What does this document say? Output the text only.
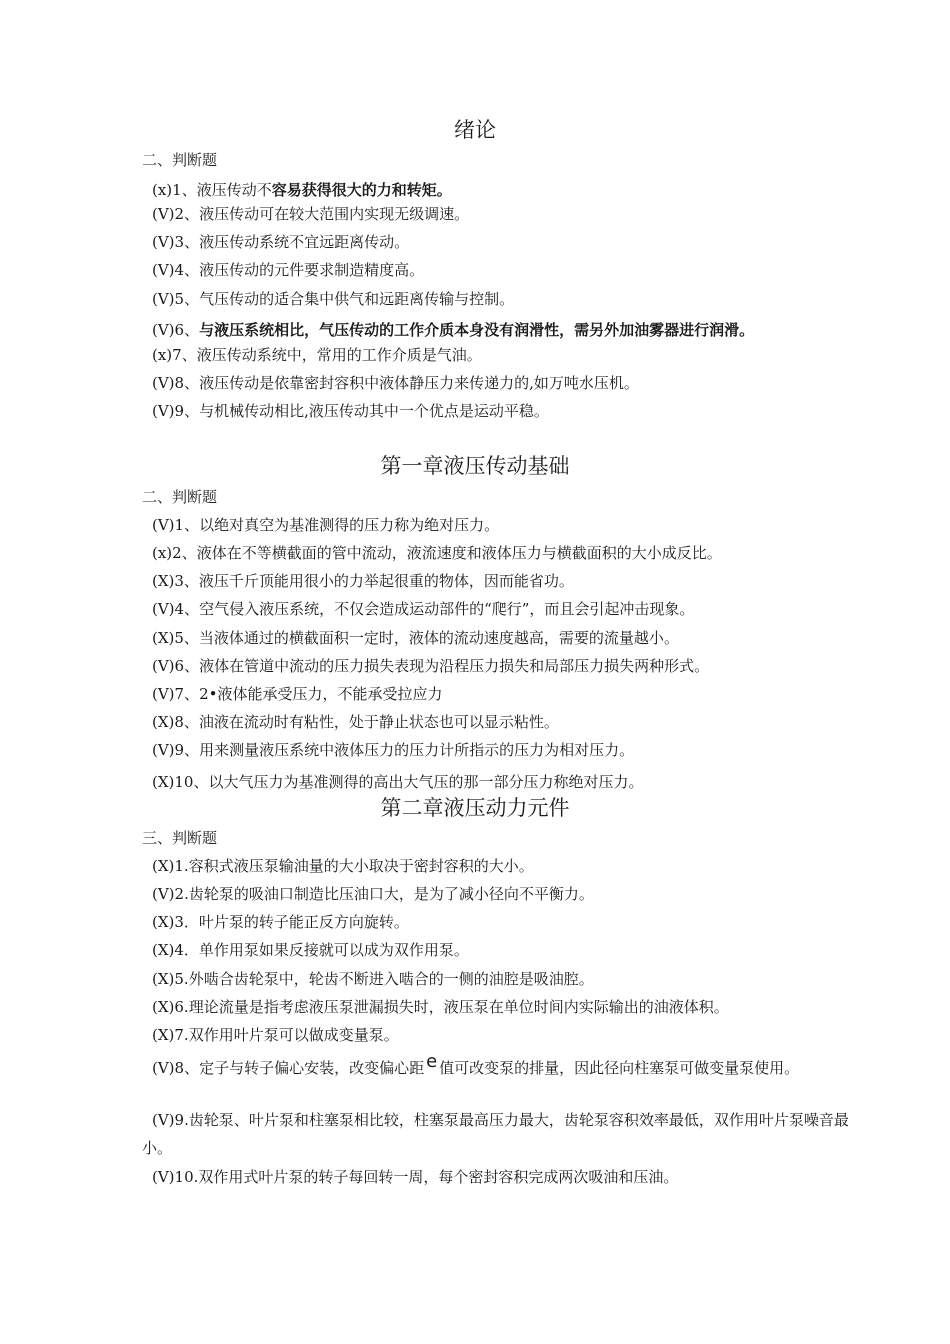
绪论
二、判断题
(x)1、液压传动不容易获得很大的力和转矩。
(V)2、液压传动可在较大范围内实现无级调速。
(V)3、液压传动系统不宜远距离传动。
(V)4、液压传动的元件要求制造精度高。
(V)5、气压传动的适合集中供气和远距离传输与控制。
(V)6、与液压系统相比，气压传动的工作介质本身没有润滑性，需另外加油雾器进行润滑。
(x)7、液压传动系统中，常用的工作介质是气油。
(V)8、液压传动是依靠密封容积中液体静压力来传递力的,如万吨水压机。
(V)9、与机械传动相比,液压传动其中一个优点是运动平稳。
第一章液压传动基础
二、判断题
(V)1、以绝对真空为基准测得的压力称为绝对压力。
(x)2、液体在不等横截面的管中流动，液流速度和液体压力与横截面积的大小成反比。
(X)3、液压千斤顶能用很小的力举起很重的物体，因而能省功。
(V)4、空气侵入液压系统，不仅会造成运动部件的“爬行”，而且会引起冲击现象。
(X)5、当液体通过的横截面积一定时，液体的流动速度越高，需要的流量越小。
(V)6、液体在管道中流动的压力损失表现为沿程压力损失和局部压力损失两种形式。
(V)7、2•液体能承受压力，不能承受拉应力
(X)8、油液在流动时有粘性，处于静止状态也可以显示粘性。
(V)9、用来测量液压系统中液体压力的压力计所指示的压力为相对压力。
(X)10、以大气压力为基准测得的高出大气压的那一部分压力称绝对压力。
第二章液压动力元件
三、判断题
(X)1.容积式液压泵输油量的大小取决于密封容积的大小。
(V)2.齿轮泵的吸油口制造比压油口大，是为了减小径向不平衡力。
(X)3．叶片泵的转子能正反方向旋转。
(X)4．单作用泵如果反接就可以成为双作用泵。
(X)5.外啮合齿轮泵中，轮齿不断进入啮合的一侧的油腔是吸油腔。
(X)6.理论流量是指考虑液压泵泄漏损失时，液压泵在单位时间内实际输出的油液体积。
(X)7.双作用叶片泵可以做成变量泵。
(V)8、定子与转子偏心安装，改变偏心距 e 值可改变泵的排量，因此径向柱塞泵可做变量泵使用。
(V)9.齿轮泵、叶片泵和柱塞泵相比较，柱塞泵最高压力最大，齿轮泵容积效率最低，双作用叶片泵噪音最小。
(V)10.双作用式叶片泵的转子每回转一周，每个密封容积完成两次吸油和压油。
